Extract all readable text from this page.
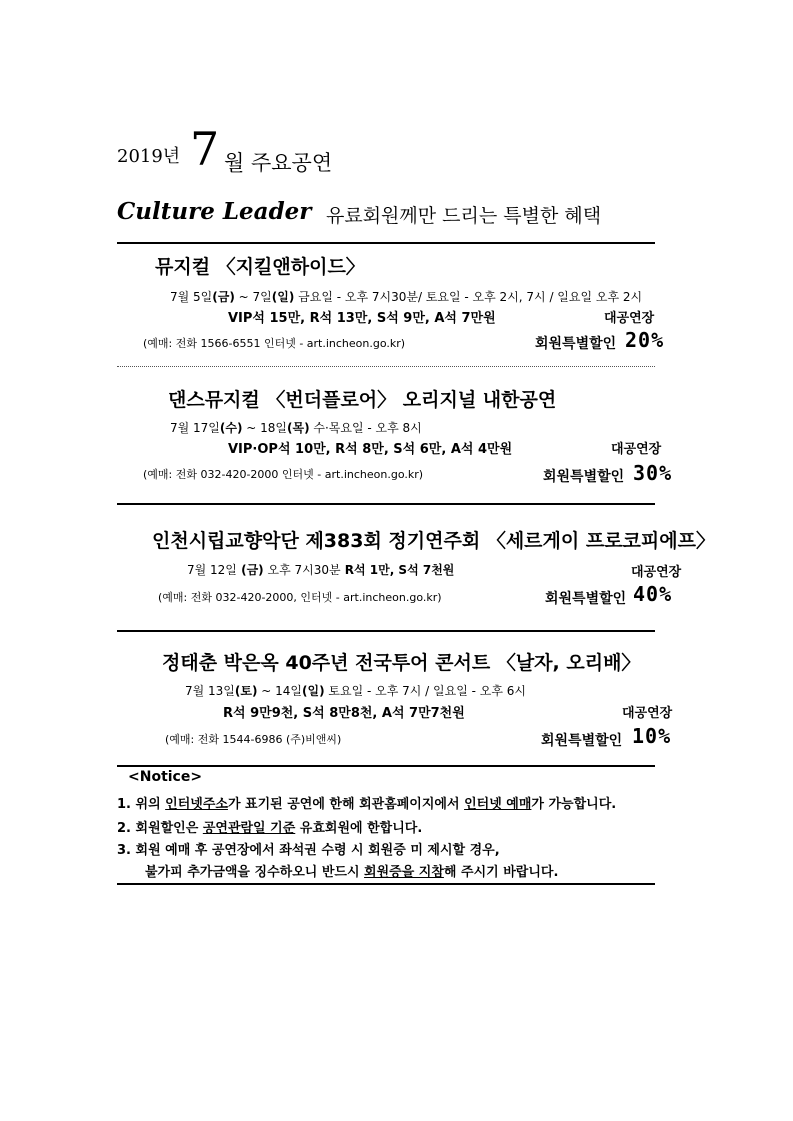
2019년 7 월 주요공연
Culture Leader 유료회원께만 드리는 특별한 혜택
뮤지컬 〈지킬앤하이드〉
7월 5일(금) ~ 7일(일) 금요일 - 오후 7시30분/ 토요일 - 오후 2시, 7시 / 일요일 오후 2시
VIP석 15만, R석 13만, S석 9만, A석 7만원	대공연장
(예매: 전화 1566-6551 인터넷 - art.incheon.go.kr)	회원특별할인 20%
댄스뮤지컬 〈번더플로어〉 오리지널 내한공연
7월 17일(수) ~ 18일(목) 수·목요일 - 오후 8시
VIP·OP석 10만, R석 8만, S석 6만, A석 4만원	대공연장
(예매: 전화 032-420-2000 인터넷 - art.incheon.go.kr)	회원특별할인 30%
인천시립교향악단 제383회 정기연주회 〈세르게이 프로코피에프〉
7월 12일 (금) 오후 7시30분 R석 1만, S석 7천원	대공연장
(예매: 전화 032-420-2000, 인터넷 - art.incheon.go.kr)	회원특별할인 40%
정태춘 박은옥 40주년 전국투어 콘서트 〈날자, 오리배〉
7월 13일(토) ~ 14일(일) 토요일 - 오후 7시 / 일요일 - 오후 6시
R석 9만9천, S석 8만8천, A석 7만7천원	대공연장
(예매: 전화 1544-6986 (주)비앤씨)	회원특별할인 10%
<Notice>
1. 위의 인터넷주소가 표기된 공연에 한해 회관홈페이지에서 인터넷 예매가 가능합니다.
2. 회원할인은 공연관람일 기준 유효회원에 한합니다.
3. 회원 예매 후 공연장에서 좌석권 수령 시 회원증 미 제시할 경우,
불가피 추가금액을 징수하오니 반드시 회원증을 지참해 주시기 바랍니다.
